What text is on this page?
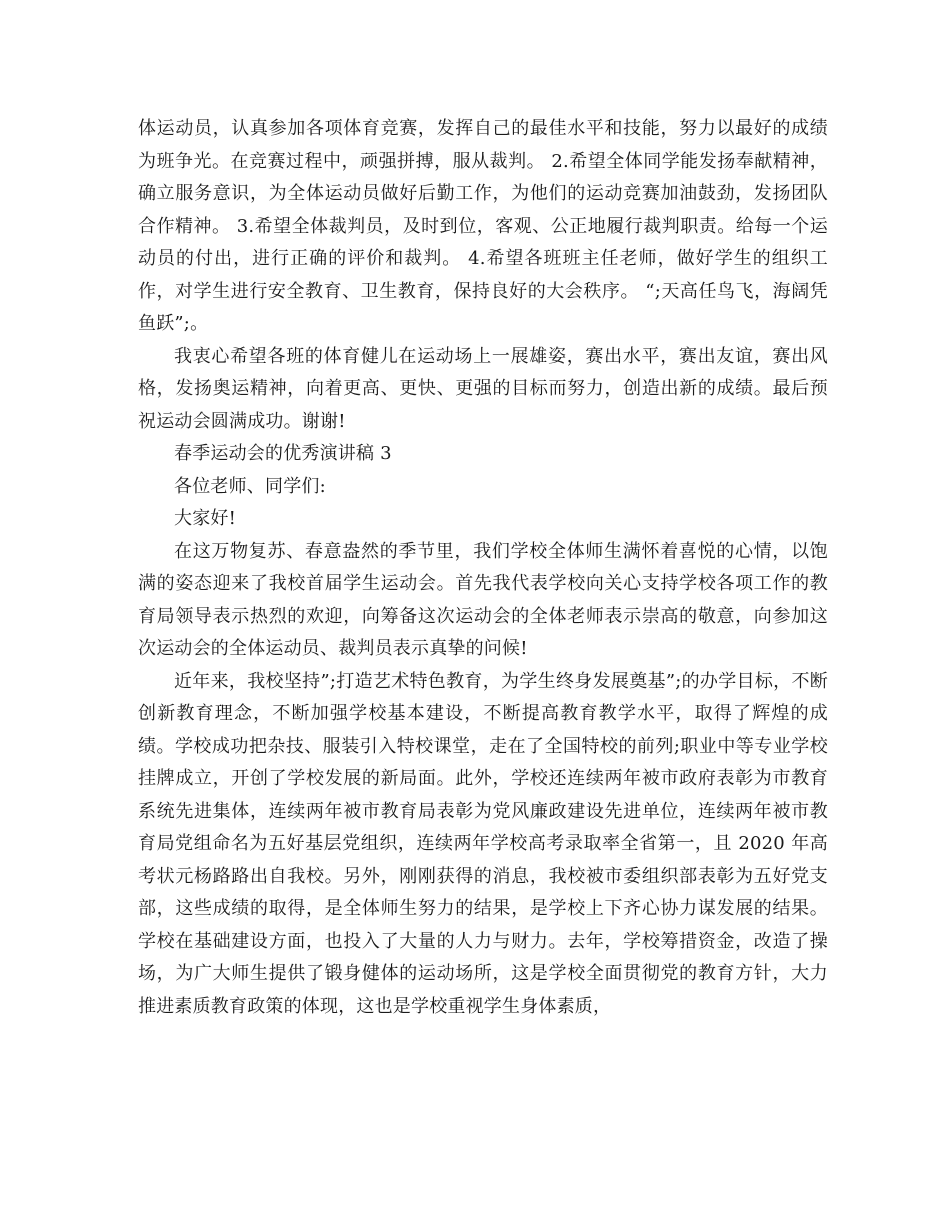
体运动员，认真参加各项体育竞赛，发挥自己的最佳水平和技能，努力以最好的成绩为班争光。在竞赛过程中，顽强拼搏，服从裁判。 2.希望全体同学能发扬奉献精神，确立服务意识，为全体运动员做好后勤工作，为他们的运动竞赛加油鼓劲，发扬团队合作精神。 3.希望全体裁判员，及时到位，客观、公正地履行裁判职责。给每一个运动员的付出，进行正确的评价和裁判。 4.希望各班班主任老师，做好学生的组织工作，对学生进行安全教育、卫生教育，保持良好的大会秩序。 “;天高任鸟飞，海阔凭鱼跃”;。

我衷心希望各班的体育健儿在运动场上一展雄姿，赛出水平，赛出友谊，赛出风格，发扬奥运精神，向着更高、更快、更强的目标而努力，创造出新的成绩。最后预祝运动会圆满成功。谢谢!

春季运动会的优秀演讲稿 3

各位老师、同学们:

大家好!

在这万物复苏、春意盎然的季节里，我们学校全体师生满怀着喜悦的心情，以饱满的姿态迎来了我校首届学生运动会。首先我代表学校向关心支持学校各项工作的教育局领导表示热烈的欢迎，向筹备这次运动会的全体老师表示崇高的敬意，向参加这次运动会的全体运动员、裁判员表示真挚的问候!

近年来，我校坚持”;打造艺术特色教育，为学生终身发展奠基”;的办学目标，不断创新教育理念，不断加强学校基本建设，不断提高教育教学水平，取得了辉煌的成绩。学校成功把杂技、服装引入特校课堂，走在了全国特校的前列;职业中等专业学校挂牌成立，开创了学校发展的新局面。此外，学校还连续两年被市政府表彰为市教育系统先进集体，连续两年被市教育局表彰为党风廉政建设先进单位，连续两年被市教育局党组命名为五好基层党组织，连续两年学校高考录取率全省第一，且 2020 年高考状元杨路路出自我校。另外，刚刚获得的消息，我校被市委组织部表彰为五好党支部，这些成绩的取得，是全体师生努力的结果，是学校上下齐心协力谋发展的结果。学校在基础建设方面，也投入了大量的人力与财力。去年，学校筹措资金，改造了操场，为广大师生提供了锻身健体的运动场所，这是学校全面贯彻党的教育方针，大力推进素质教育政策的体现，这也是学校重视学生身体素质，
